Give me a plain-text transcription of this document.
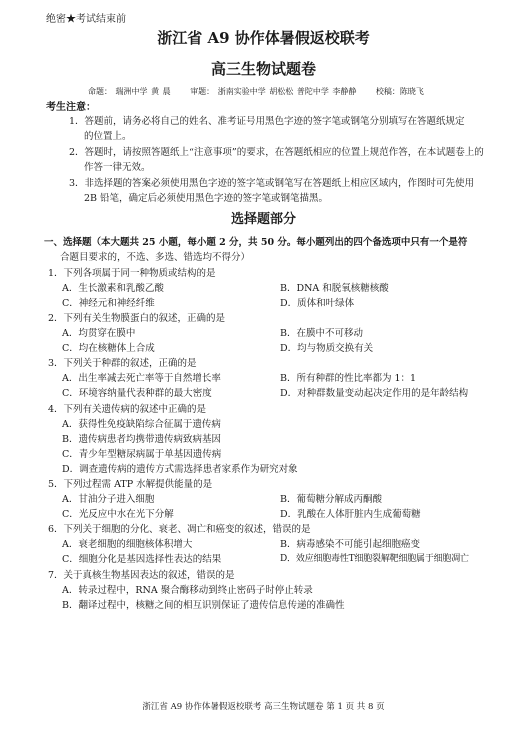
绝密★考试结束前
浙江省 A9 协作体暑假返校联考
高三生物试题卷
命题： 瑞洲中学 黄 晨 审题： 浙南实验中学 胡松松 普陀中学 李静静 校稿：陈晓飞
考生注意：
1．答题前，请务必将自己的姓名、准考证号用黑色字迹的签字笔或钢笔分别填写在答题纸规定
的位置上。
2．答题时，请按照答题纸上“注意事项”的要求，在答题纸相应的位置上规范作答，在本试题卷上的
作答一律无效。
3．非选择题的答案必须使用黑色字迹的签字笔或钢笔写在答题纸上相应区域内，作图时可先使用
2B 铅笔，确定后必须使用黑色字迹的签字笔或钢笔描黑。
选择题部分
一、选择题（本大题共 25 小题，每小题 2 分，共 50 分。每小题列出的四个备选项中只有一个是符
合题目要求的，不选、多选、错选均不得分）
1．下列各项属于同一种物质或结构的是
A．生长激素和乳酸乙酸	B．DNA 和脱氧核糖核酸
C．神经元和神经纤维	D．质体和叶绿体
2．下列有关生物膜蛋白的叙述，正确的是
A．均贯穿在膜中	B．在膜中不可移动
C．均在核糖体上合成	D．均与物质交换有关
3．下列关于种群的叙述，正确的是
A．出生率减去死亡率等于自然增长率	B．所有种群的性比率都为 1：1
C．环境容纳量代表种群的最大密度	D．对种群数量变动起决定作用的是年龄结构
4．下列有关遗传病的叙述中正确的是
A．获得性免疫缺陷综合征属于遗传病
B．遗传病患者均携带遗传病致病基因
C．青少年型糖尿病属于单基因遗传病
D．调查遗传病的遗传方式需选择患者家系作为研究对象
5．下列过程需 ATP 水解提供能量的是
A．甘油分子进入细胞	B．葡萄糖分解成丙酮酸
C．光反应中水在光下分解	D．乳酸在人体肝脏内生成葡萄糖
6．下列关于细胞的分化、衰老、凋亡和癌变的叙述，错误的是
A．衰老细胞的细胞核体积增大	B．病毒感染不可能引起细胞癌变
C．细胞分化是基因选择性表达的结果	D．效应细胞毒性T细胞裂解靶细胞属于细胞凋亡
7．关于真核生物基因表达的叙述，错误的是
A．转录过程中，RNA 聚合酶移动到终止密码子时停止转录
B．翻译过程中，核糖之间的相互识别保证了遗传信息传递的准确性
浙江省 A9 协作体暑假返校联考 高三生物试题卷 第 1 页 共 8 页
